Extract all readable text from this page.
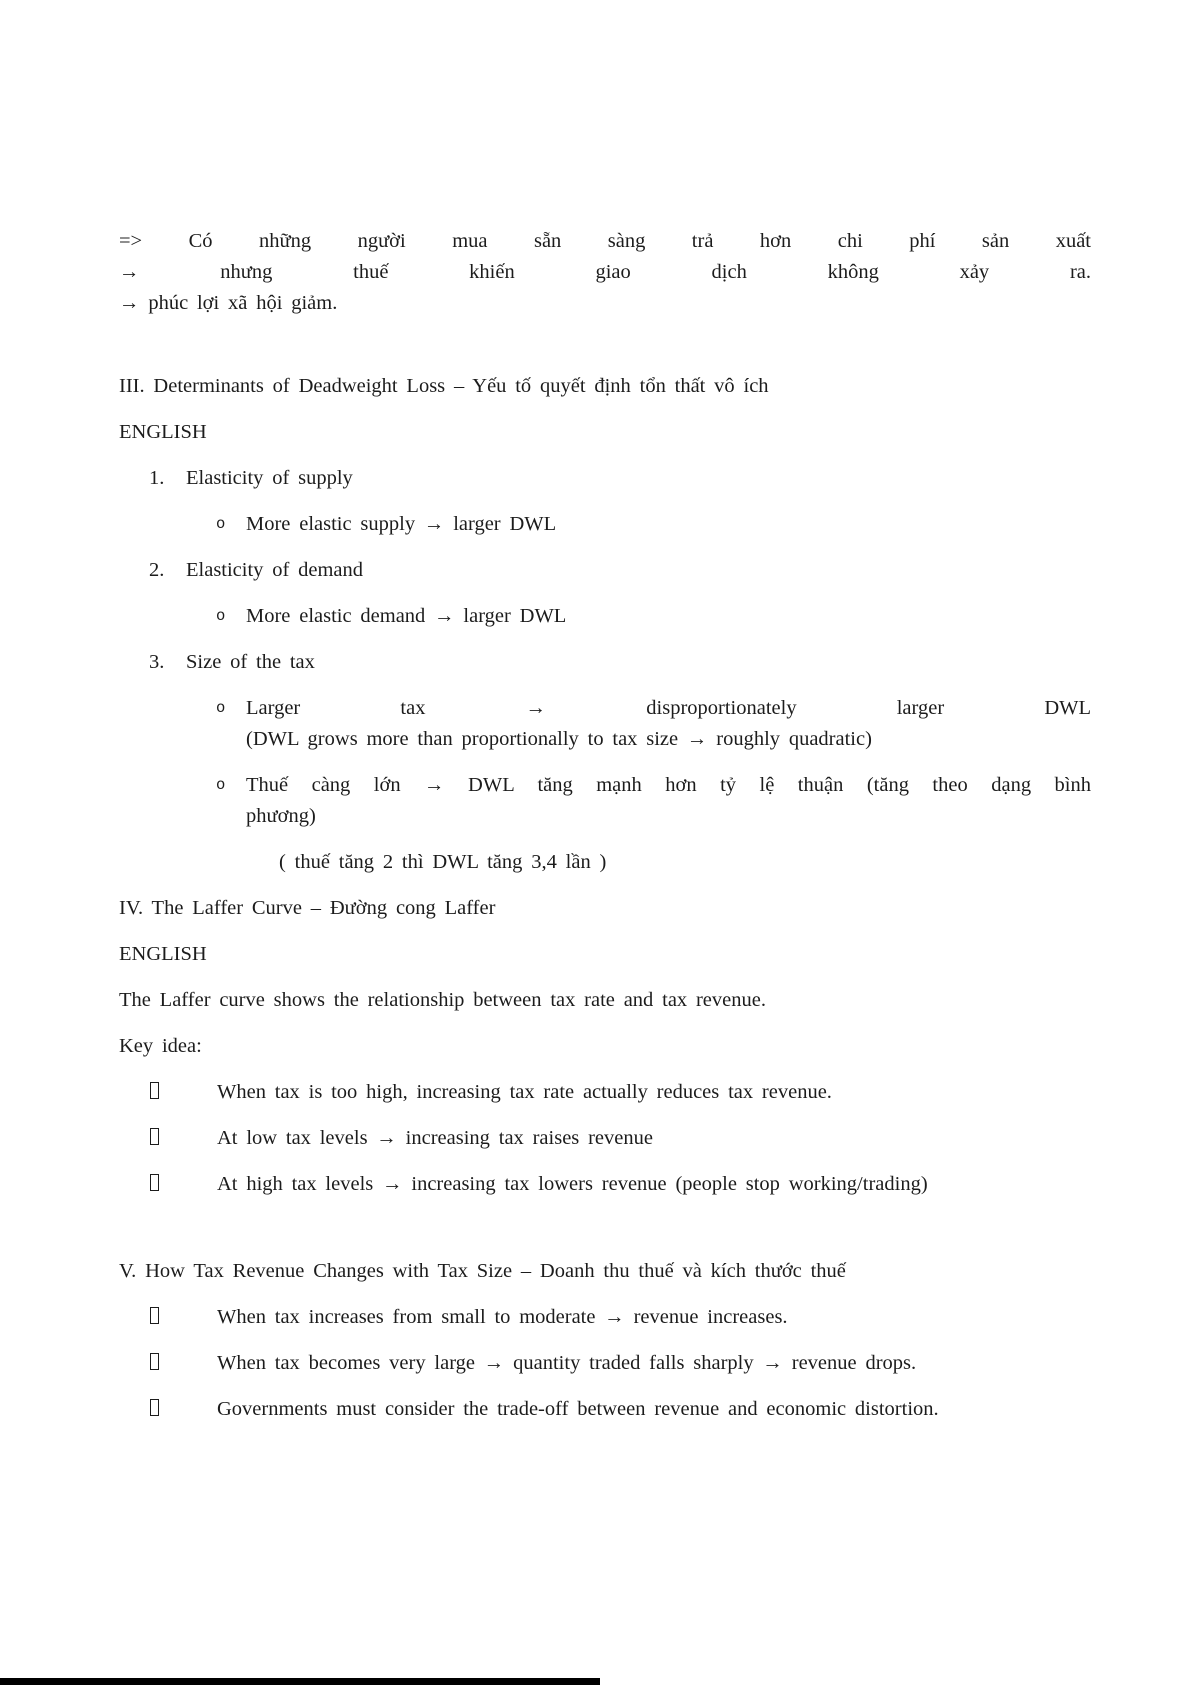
=> Có những người mua sẵn sàng trả hơn chi phí sản xuất
→ nhưng thuế khiến giao dịch không xảy ra.
→ phúc lợi xã hội giảm.
III. Determinants of Deadweight Loss – Yếu tố quyết định tổn thất vô ích
ENGLISH
1.	Elasticity of supply
o	More elastic supply → larger DWL
2.	Elasticity of demand
o	More elastic demand → larger DWL
3.	Size of the tax
o	Larger tax → disproportionately larger DWL
(DWL grows more than proportionally to tax size → roughly quadratic)
o	Thuế càng lớn → DWL tăng mạnh hơn tỷ lệ thuận (tăng theo dạng bình
phương)
( thuế tăng 2 thì DWL tăng 3,4 lần )
IV. The Laffer Curve – Đường cong Laffer
ENGLISH
The Laffer curve shows the relationship between tax rate and tax revenue.
Key idea:
When tax is too high, increasing tax rate actually reduces tax revenue.
At low tax levels → increasing tax raises revenue
At high tax levels → increasing tax lowers revenue (people stop working/trading)
V. How Tax Revenue Changes with Tax Size – Doanh thu thuế và kích thước thuế
When tax increases from small to moderate → revenue increases.
When tax becomes very large → quantity traded falls sharply → revenue drops.
Governments must consider the trade-off between revenue and economic distortion.
